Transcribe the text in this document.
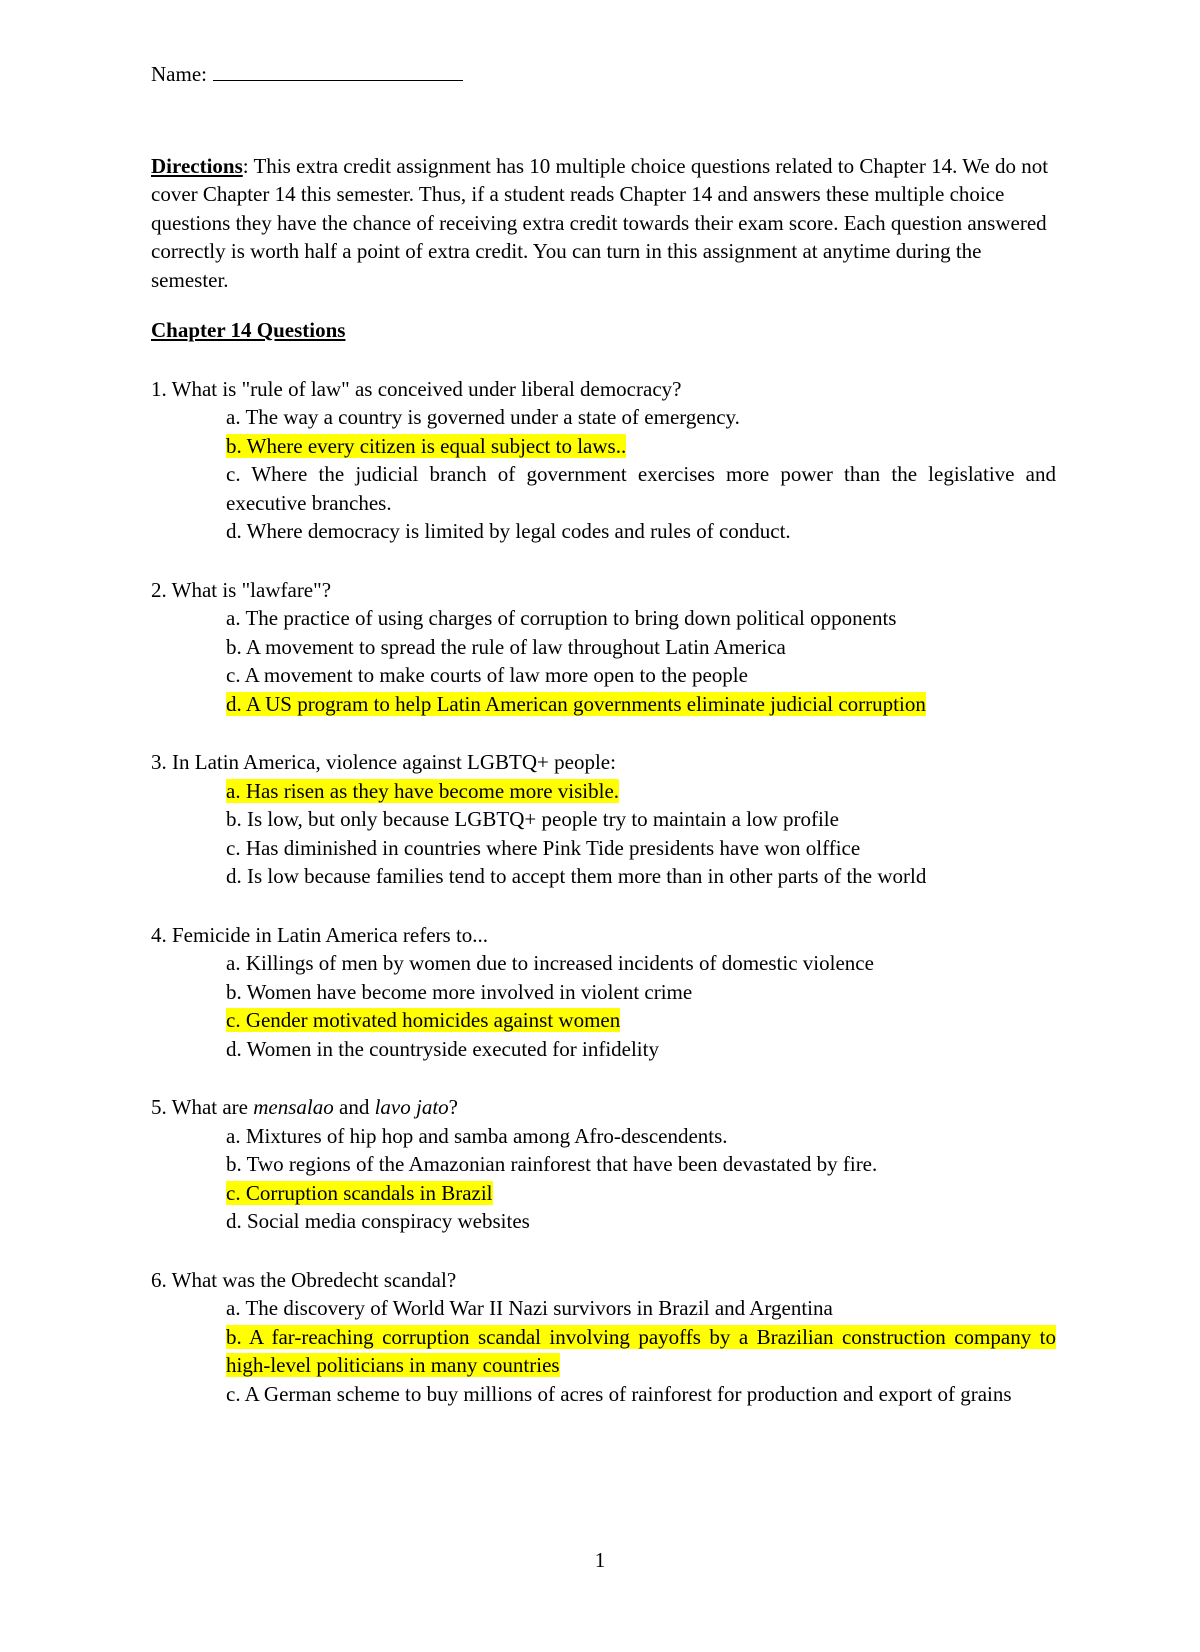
Name:
Directions: This extra credit assignment has 10 multiple choice questions related to Chapter 14. We do not cover Chapter 14 this semester. Thus, if a student reads Chapter 14 and answers these multiple choice questions they have the chance of receiving extra credit towards their exam score. Each question answered correctly is worth half a point of extra credit. You can turn in this assignment at anytime during the semester.
Chapter 14 Questions
1. What is "rule of law" as conceived under liberal democracy?
a. The way a country is governed under a state of emergency.
b. Where every citizen is equal subject to laws..
c. Where the judicial branch of government exercises more power than the legislative and executive branches.
d. Where democracy is limited by legal codes and rules of conduct.
2. What is "lawfare"?
a. The practice of using charges of corruption to bring down political opponents
b. A movement to spread the rule of law throughout Latin America
c. A movement to make courts of law more open to the people
d. A US program to help Latin American governments eliminate judicial corruption
3. In Latin America, violence against LGBTQ+ people:
a. Has risen as they have become more visible.
b. Is low, but only because LGBTQ+ people try to maintain a low profile
c. Has diminished in countries where Pink Tide presidents have won olffice
d. Is low because families tend to accept them more than in other parts of the world
4. Femicide in Latin America refers to...
a. Killings of men by women due to increased incidents of domestic violence
b. Women have become more involved in violent crime
c. Gender motivated homicides against women
d. Women in the countryside executed for infidelity
5. What are mensalao and lavo jato?
a. Mixtures of hip hop and samba among Afro-descendents.
b. Two regions of the Amazonian rainforest that have been devastated by fire.
c. Corruption scandals in Brazil
d. Social media conspiracy websites
6. What was the Obredecht scandal?
a. The discovery of World War II Nazi survivors in Brazil and Argentina
b. A far-reaching corruption scandal involving payoffs by a Brazilian construction company to high-level politicians in many countries
c. A German scheme to buy millions of acres of rainforest for production and export of grains
1
